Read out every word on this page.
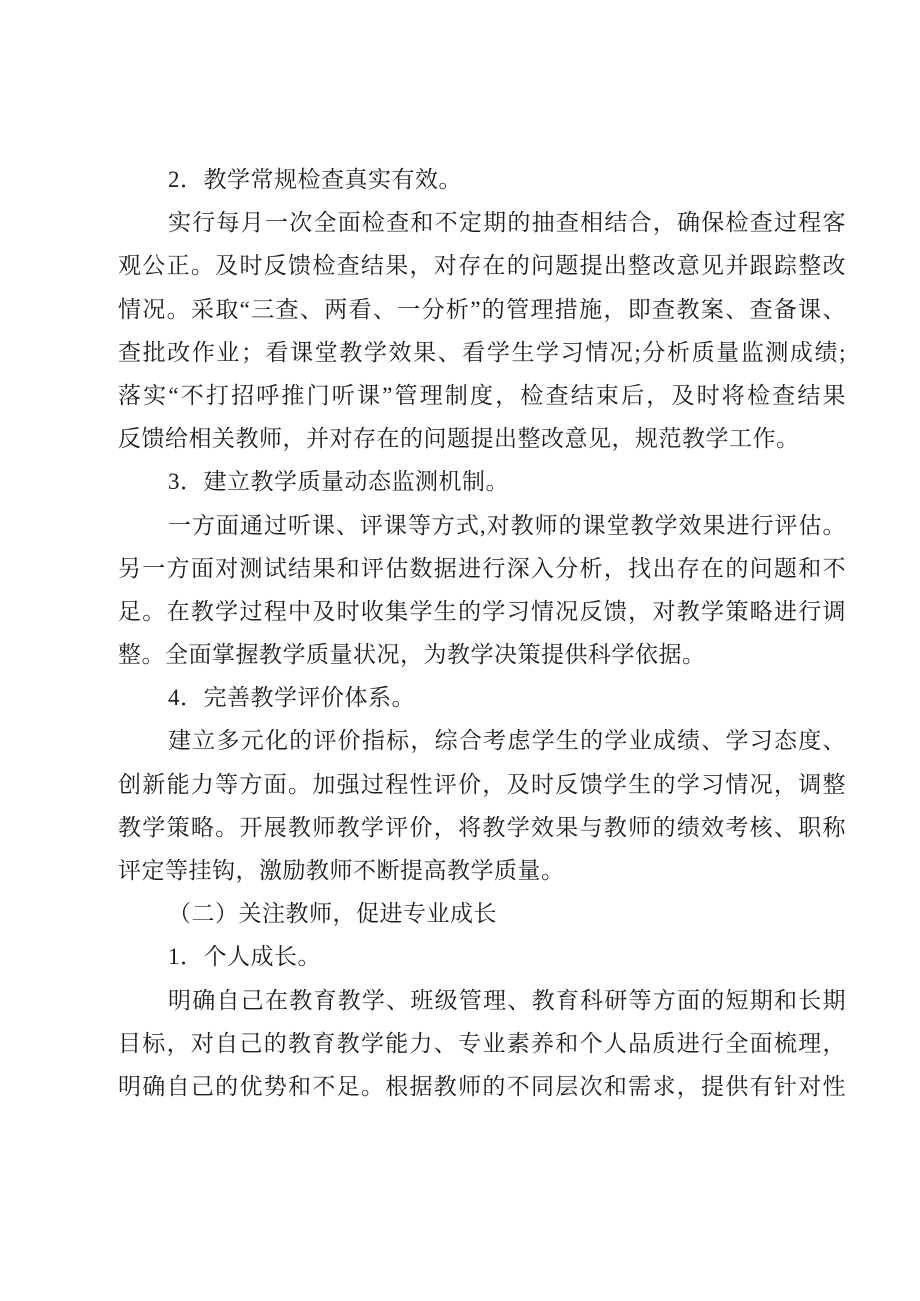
2．教学常规检查真实有效。
实行每月一次全面检查和不定期的抽查相结合，确保检查过程客
观公正。及时反馈检查结果，对存在的问题提出整改意见并跟踪整改
情况。采取“三查、两看、一分析”的管理措施，即查教案、查备课、
查批改作业；看课堂教学效果、看学生学习情况;分析质量监测成绩;
落实“不打招呼推门听课”管理制度，检查结束后，及时将检查结果
反馈给相关教师，并对存在的问题提出整改意见，规范教学工作。
3．建立教学质量动态监测机制。
一方面通过听课、评课等方式,对教师的课堂教学效果进行评估。
另一方面对测试结果和评估数据进行深入分析，找出存在的问题和不
足。在教学过程中及时收集学生的学习情况反馈，对教学策略进行调
整。全面掌握教学质量状况，为教学决策提供科学依据。
4．完善教学评价体系。
建立多元化的评价指标，综合考虑学生的学业成绩、学习态度、
创新能力等方面。加强过程性评价，及时反馈学生的学习情况，调整
教学策略。开展教师教学评价，将教学效果与教师的绩效考核、职称
评定等挂钩，激励教师不断提高教学质量。
（二）关注教师，促进专业成长
1．个人成长。
明确自己在教育教学、班级管理、教育科研等方面的短期和长期
目标，对自己的教育教学能力、专业素养和个人品质进行全面梳理，
明确自己的优势和不足。根据教师的不同层次和需求，提供有针对性
